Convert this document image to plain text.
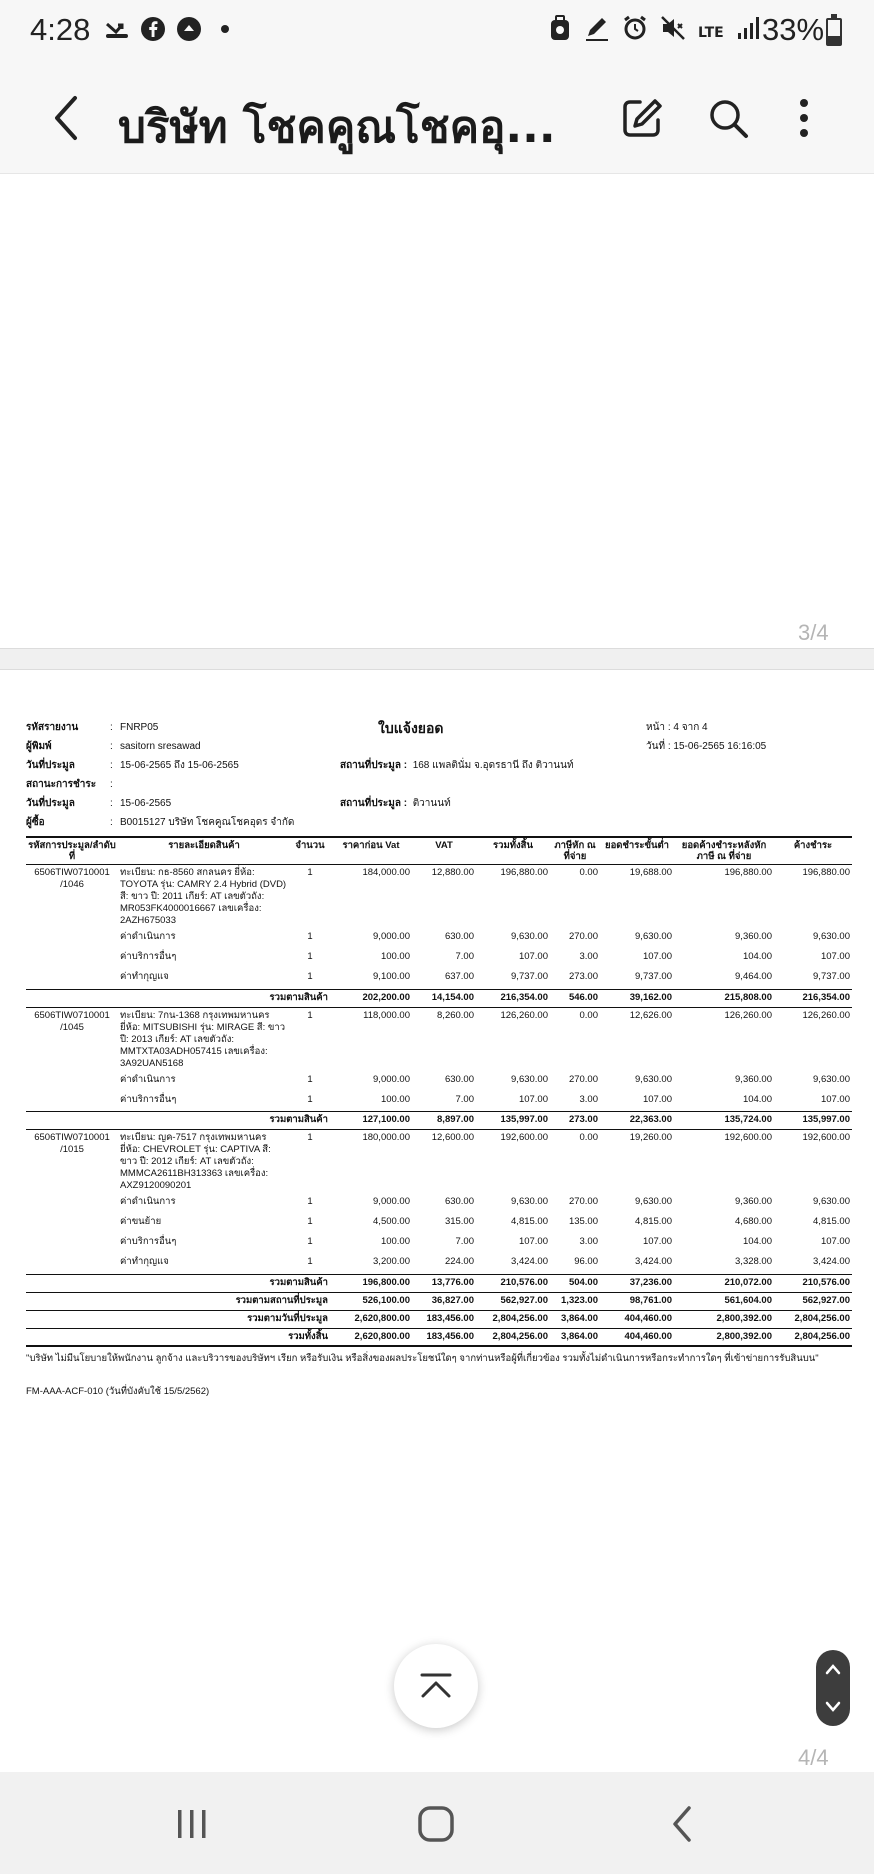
4:28	LTE 33%
บริษัท โชคคูณโชคอุ...
3/4
4/4
ใบแจ้งยอด
รหัสรายงาน	: FNRP05
ผู้พิมพ์	: sasitorn sresawad
วันที่ประมูล	: 15-06-2565 ถึง 15-06-2565
สถานะการชำระ :
วันที่ประมูล	: 15-06-2565
ผู้ซื้อ	: B0015127 บริษัท โชคคูณโชคอุดร จำกัด
สถานที่ประมูล : 168 แพลตินั่ม จ.อุดรธานี ถึง ติวานนท์
สถานที่ประมูล : ติวานนท์
หน้า : 4 จาก 4
วันที่ : 15-06-2565 16:16:05
รหัสการประมูล/ลำดับที่	รายละเอียดสินค้า	จำนวน	ราคาก่อน Vat	VAT	รวมทั้งสิ้น	ภาษีหัก ณ ที่จ่าย	ยอดชำระขั้นต่ำ	ยอดค้างชำระหลังหักภาษี ณ ที่จ่าย	ค้างชำระ
6506TIW0710001 /1046	ทะเบียน: กธ-8560 สกลนคร ยี่ห้อ: TOYOTA รุ่น: CAMRY 2.4 Hybrid (DVD) สี: ขาว ปี: 2011 เกียร์: AT เลขตัวถัง: MR053FK4000016667 เลขเครื่อง: 2AZH675033	1	184,000.00	12,880.00	196,880.00	0.00	19,688.00	196,880.00	196,880.00
	ค่าดำเนินการ	1	9,000.00	630.00	9,630.00	270.00	9,630.00	9,360.00	9,630.00
	ค่าบริการอื่นๆ	1	100.00	7.00	107.00	3.00	107.00	104.00	107.00
	ค่าทำกุญแจ	1	9,100.00	637.00	9,737.00	273.00	9,737.00	9,464.00	9,737.00
	รวมตามสินค้า		202,200.00	14,154.00	216,354.00	546.00	39,162.00	215,808.00	216,354.00
6506TIW0710001 /1045	ทะเบียน: 7กน-1368 กรุงเทพมหานคร ยี่ห้อ: MITSUBISHI รุ่น: MIRAGE สี: ขาว ปี: 2013 เกียร์: AT เลขตัวถัง: MMTXTA03ADH057415 เลขเครื่อง: 3A92UAN5168	1	118,000.00	8,260.00	126,260.00	0.00	12,626.00	126,260.00	126,260.00
	ค่าดำเนินการ	1	9,000.00	630.00	9,630.00	270.00	9,630.00	9,360.00	9,630.00
	ค่าบริการอื่นๆ	1	100.00	7.00	107.00	3.00	107.00	104.00	107.00
	รวมตามสินค้า		127,100.00	8,897.00	135,997.00	273.00	22,363.00	135,724.00	135,997.00
6506TIW0710001 /1015	ทะเบียน: ญค-7517 กรุงเทพมหานคร ยี่ห้อ: CHEVROLET รุ่น: CAPTIVA สี: ขาว ปี: 2012 เกียร์: AT เลขตัวถัง: MMMCA2611BH313363 เลขเครื่อง: AXZ9120090201	1	180,000.00	12,600.00	192,600.00	0.00	19,260.00	192,600.00	192,600.00
	ค่าดำเนินการ	1	9,000.00	630.00	9,630.00	270.00	9,630.00	9,360.00	9,630.00
	ค่าขนย้าย	1	4,500.00	315.00	4,815.00	135.00	4,815.00	4,680.00	4,815.00
	ค่าบริการอื่นๆ	1	100.00	7.00	107.00	3.00	107.00	104.00	107.00
	ค่าทำกุญแจ	1	3,200.00	224.00	3,424.00	96.00	3,424.00	3,328.00	3,424.00
	รวมตามสินค้า		196,800.00	13,776.00	210,576.00	504.00	37,236.00	210,072.00	210,576.00
	รวมตามสถานที่ประมูล		526,100.00	36,827.00	562,927.00	1,323.00	98,761.00	561,604.00	562,927.00
	รวมตามวันที่ประมูล		2,620,800.00	183,456.00	2,804,256.00	3,864.00	404,460.00	2,800,392.00	2,804,256.00
	รวมทั้งสิ้น		2,620,800.00	183,456.00	2,804,256.00	3,864.00	404,460.00	2,800,392.00	2,804,256.00
"บริษัท ไม่มีนโยบายให้พนักงาน ลูกจ้าง และบริวารของบริษัทฯ เรียก หรือรับเงิน หรือสิ่งของผลประโยชน์ใดๆ จากท่านหรือผู้ที่เกี่ยวข้อง รวมทั้งไม่ดำเนินการหรือกระทำการใดๆ ที่เข้าข่ายการรับสินบน"
FM-AAA-ACF-010 (วันที่บังคับใช้ 15/5/2562)
